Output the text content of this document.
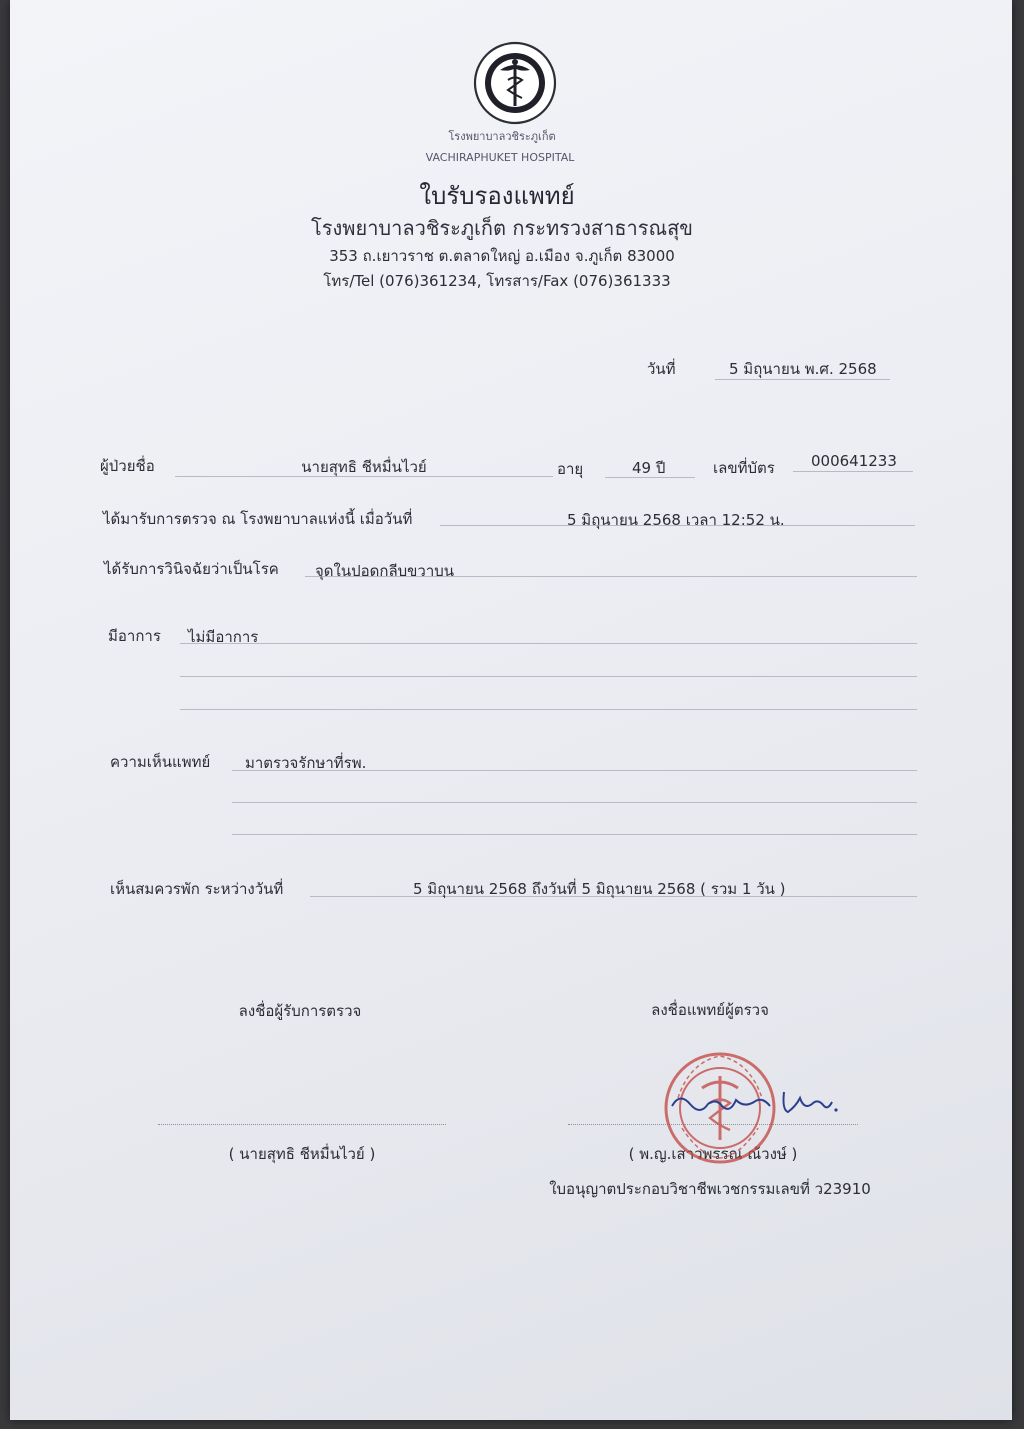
โรงพยาบาลวชิระภูเก็ต
VACHIRAPHUKET HOSPITAL
ใบรับรองแพทย์
โรงพยาบาลวชิระภูเก็ต กระทรวงสาธารณสุข
353 ถ.เยาวราช ต.ตลาดใหญ่ อ.เมือง จ.ภูเก็ต 83000
โทร/Tel (076)361234, โทรสาร/Fax (076)361333
วันที่	5 มิถุนายน พ.ศ. 2568
ผู้ป่วยชื่อ	นายสุทธิ ชีหมื่นไวย์	อายุ	49 ปี	เลขที่บัตร 000641233
ได้มารับการตรวจ ณ โรงพยาบาลแห่งนี้ เมื่อวันที่	5 มิถุนายน 2568 เวลา 12:52 น.
ได้รับการวินิจฉัยว่าเป็นโรค จุดในปอดกลีบขวาบน
มีอาการ ไม่มีอาการ
ความเห็นแพทย์ มาตรวจรักษาที่รพ.
เห็นสมควรพัก ระหว่างวันที่	5 มิถุนายน 2568 ถึงวันที่ 5 มิถุนายน 2568 ( รวม 1 วัน )
ลงชื่อผู้รับการตรวจ	ลงชื่อแพทย์ผู้ตรวจ
( นายสุทธิ ชีหมื่นไวย์ )	( พ.ญ.เสาวพรรณ ณ้วงษ์ )
ใบอนุญาตประกอบวิชาชีพเวชกรรมเลขที่ ว23910
